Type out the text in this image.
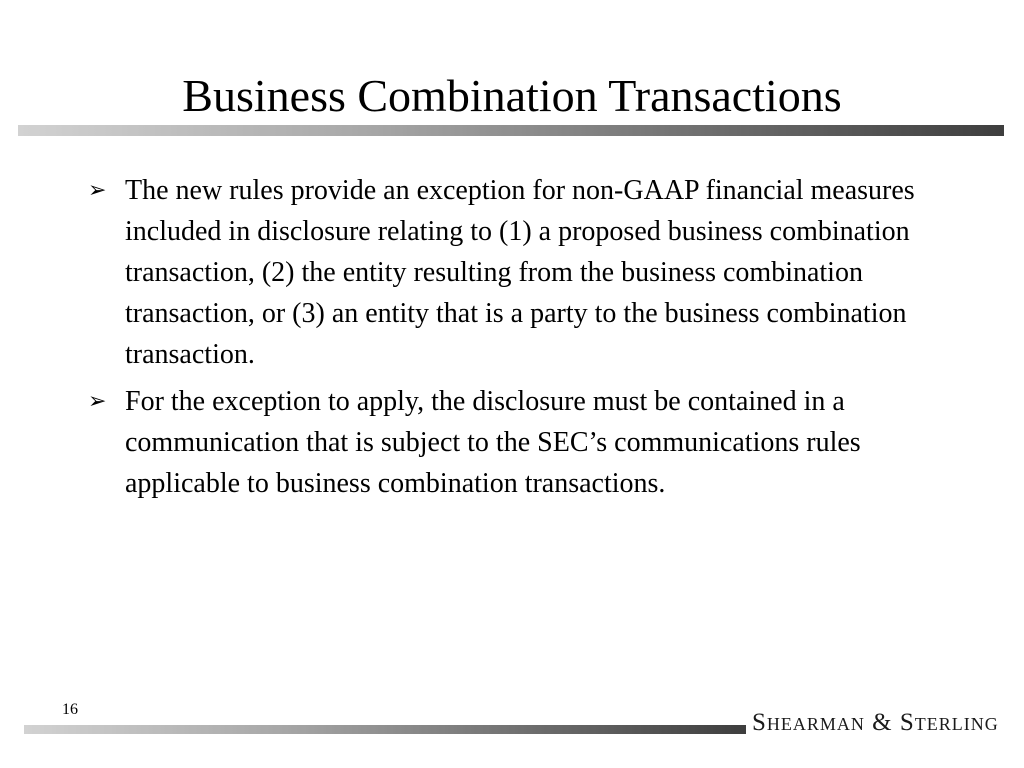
Business Combination Transactions
➢ The new rules provide an exception for non-GAAP financial measures included in disclosure relating to (1) a proposed business combination transaction, (2) the entity resulting from the business combination transaction, or (3) an entity that is a party to the business combination transaction.
➢ For the exception to apply, the disclosure must be contained in a communication that is subject to the SEC’s communications rules applicable to business combination transactions.
16	Shearman & Sterling
